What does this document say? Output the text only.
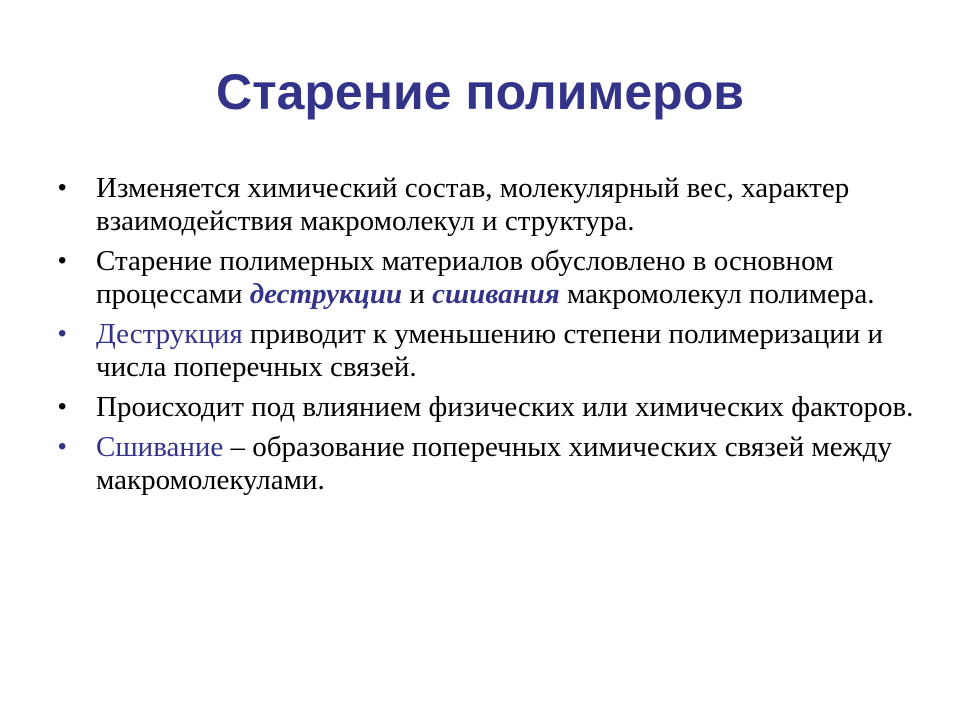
Старение полимеров
• Изменяется химический состав, молекулярный вес, характер взаимодействия макромолекул и структура.
• Старение полимерных материалов обусловлено в основном процессами деструкции и сшивания макромолекул полимера.
• Деструкция приводит к уменьшению степени полимеризации и числа поперечных связей.
• Происходит под влиянием физических или химических факторов.
• Сшивание – образование поперечных химических связей между макромолекулами.
